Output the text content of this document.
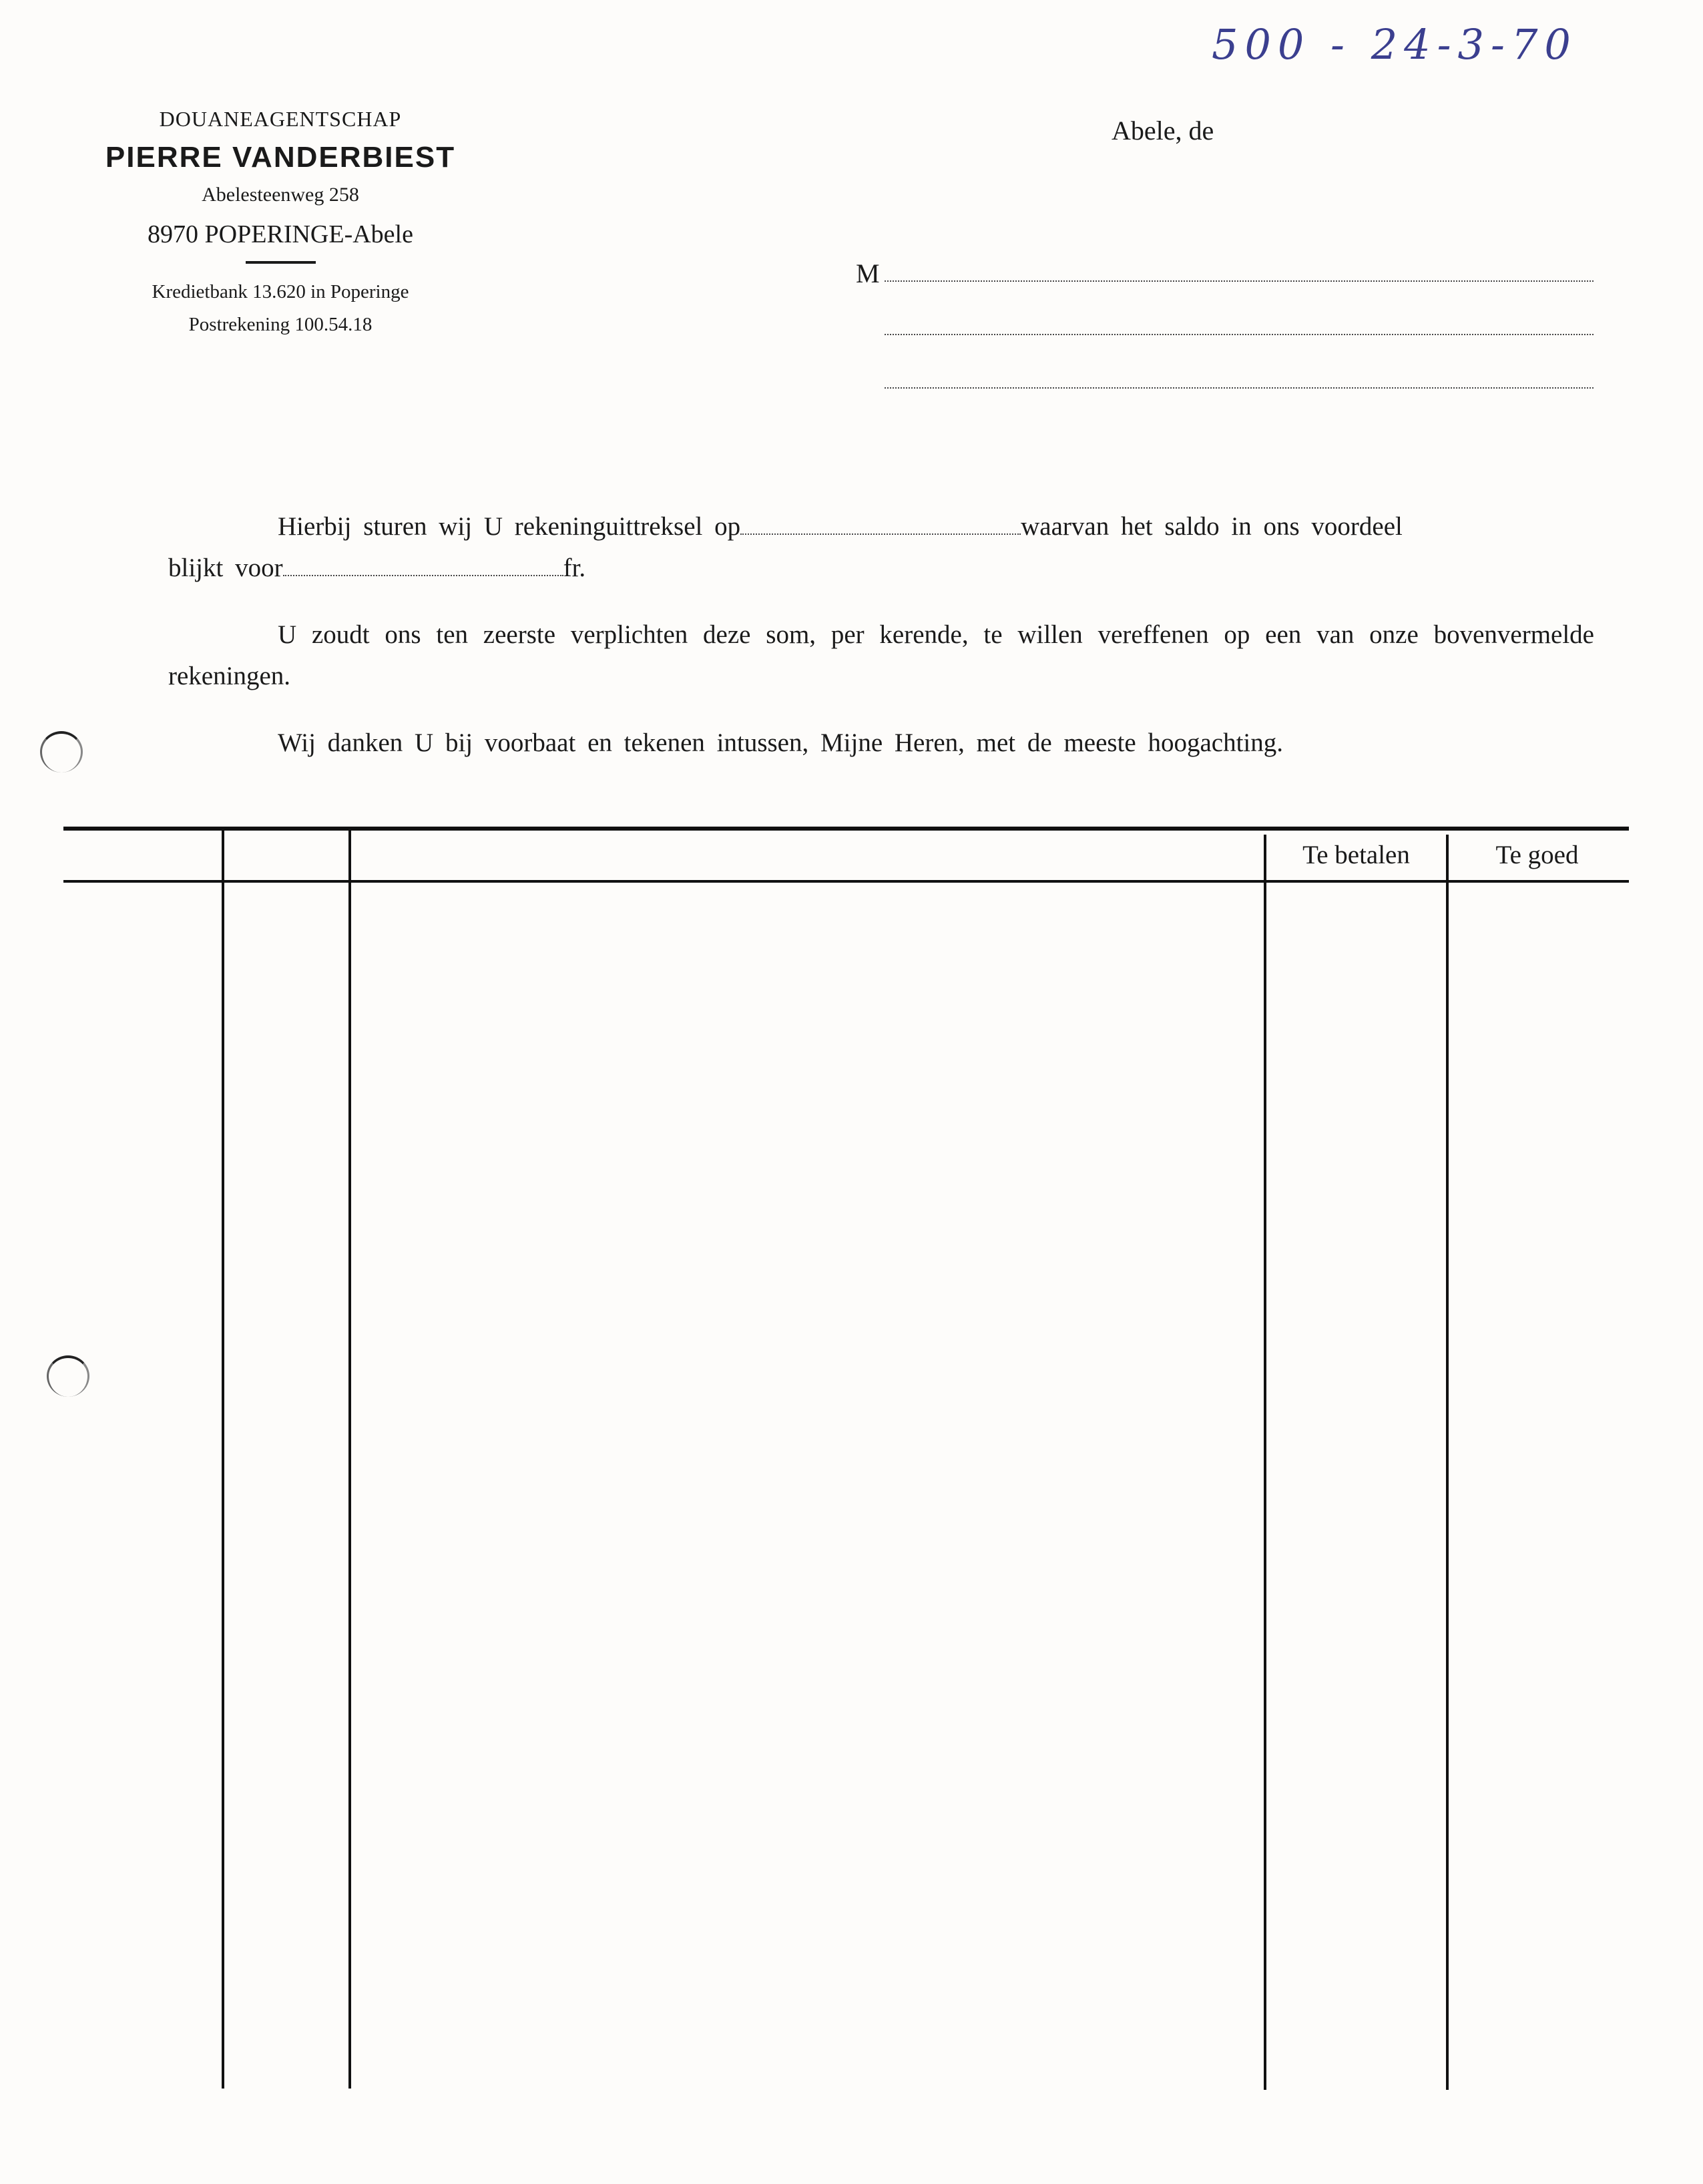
500 - 24-3-70
DOUANEAGENTSCHAP
PIERRE VANDERBIEST
Abelesteenweg 258
8970 POPERINGE-Abele
Kredietbank 13.620 in Poperinge
Postrekening 100.54.18
Abele, de
M
Hierbij sturen wij U rekeninguittreksel op	waarvan het saldo in ons voordeel
blijkt voor	fr.
U zoudt ons ten zeerste verplichten deze som, per kerende, te willen vereffenen op een van onze bovenvermelde rekeningen.
Wij danken U bij voorbaat en tekenen intussen, Mijne Heren, met de meeste hoogachting.
Te betalen	Te goed
